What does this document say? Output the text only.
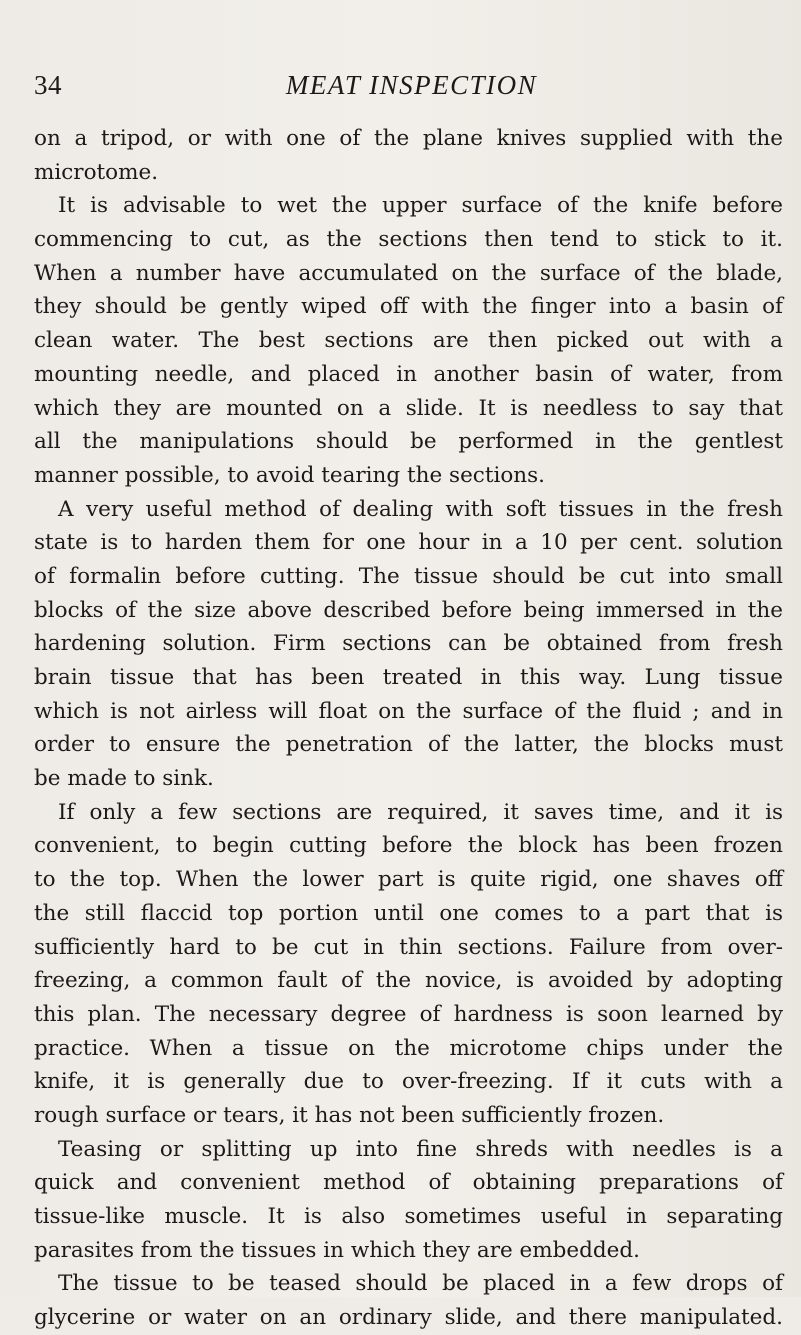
34	MEAT INSPECTION
on a tripod, or with one of the plane knives supplied with the
microtome.
It is advisable to wet the upper surface of the knife before
commencing to cut, as the sections then tend to stick to it.
When a number have accumulated on the surface of the blade,
they should be gently wiped off with the finger into a basin of
clean water. The best sections are then picked out with a
mounting needle, and placed in another basin of water, from
which they are mounted on a slide. It is needless to say that
all the manipulations should be performed in the gentlest
manner possible, to avoid tearing the sections.
A very useful method of dealing with soft tissues in the fresh
state is to harden them for one hour in a 10 per cent. solution
of formalin before cutting. The tissue should be cut into small
blocks of the size above described before being immersed in the
hardening solution. Firm sections can be obtained from fresh
brain tissue that has been treated in this way. Lung tissue
which is not airless will float on the surface of the fluid ; and in
order to ensure the penetration of the latter, the blocks must
be made to sink.
If only a few sections are required, it saves time, and it is
convenient, to begin cutting before the block has been frozen
to the top. When the lower part is quite rigid, one shaves off
the still flaccid top portion until one comes to a part that is
sufficiently hard to be cut in thin sections. Failure from over-
freezing, a common fault of the novice, is avoided by adopting
this plan. The necessary degree of hardness is soon learned by
practice. When a tissue on the microtome chips under the
knife, it is generally due to over-freezing. If it cuts with a
rough surface or tears, it has not been sufficiently frozen.
Teasing or splitting up into fine shreds with needles is a
quick and convenient method of obtaining preparations of
tissue-like muscle. It is also sometimes useful in separating
parasites from the tissues in which they are embedded.
The tissue to be teased should be placed in a few drops of
glycerine or water on an ordinary slide, and there manipulated.
